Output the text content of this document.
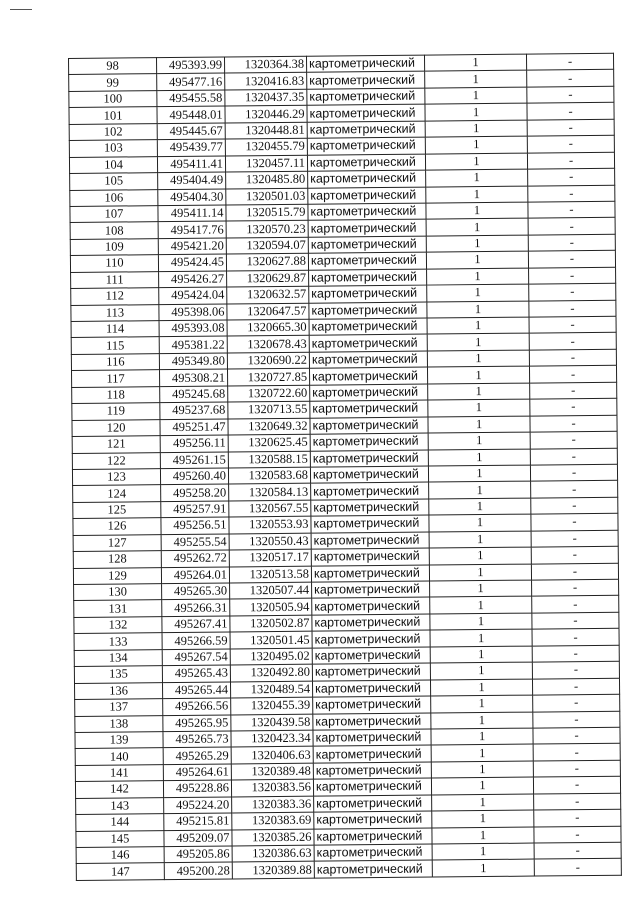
98	495393.99	1320364.38	картометрический	1	-
99	495477.16	1320416.83	картометрический	1	-
100	495455.58	1320437.35	картометрический	1	-
101	495448.01	1320446.29	картометрический	1	-
102	495445.67	1320448.81	картометрический	1	-
103	495439.77	1320455.79	картометрический	1	-
104	495411.41	1320457.11	картометрический	1	-
105	495404.49	1320485.80	картометрический	1	-
106	495404.30	1320501.03	картометрический	1	-
107	495411.14	1320515.79	картометрический	1	-
108	495417.76	1320570.23	картометрический	1	-
109	495421.20	1320594.07	картометрический	1	-
110	495424.45	1320627.88	картометрический	1	-
111	495426.27	1320629.87	картометрический	1	-
112	495424.04	1320632.57	картометрический	1	-
113	495398.06	1320647.57	картометрический	1	-
114	495393.08	1320665.30	картометрический	1	-
115	495381.22	1320678.43	картометрический	1	-
116	495349.80	1320690.22	картометрический	1	-
117	495308.21	1320727.85	картометрический	1	-
118	495245.68	1320722.60	картометрический	1	-
119	495237.68	1320713.55	картометрический	1	-
120	495251.47	1320649.32	картометрический	1	-
121	495256.11	1320625.45	картометрический	1	-
122	495261.15	1320588.15	картометрический	1	-
123	495260.40	1320583.68	картометрический	1	-
124	495258.20	1320584.13	картометрический	1	-
125	495257.91	1320567.55	картометрический	1	-
126	495256.51	1320553.93	картометрический	1	-
127	495255.54	1320550.43	картометрический	1	-
128	495262.72	1320517.17	картометрический	1	-
129	495264.01	1320513.58	картометрический	1	-
130	495265.30	1320507.44	картометрический	1	-
131	495266.31	1320505.94	картометрический	1	-
132	495267.41	1320502.87	картометрический	1	-
133	495266.59	1320501.45	картометрический	1	-
134	495267.54	1320495.02	картометрический	1	-
135	495265.43	1320492.80	картометрический	1	-
136	495265.44	1320489.54	картометрический	1	-
137	495266.56	1320455.39	картометрический	1	-
138	495265.95	1320439.58	картометрический	1	-
139	495265.73	1320423.34	картометрический	1	-
140	495265.29	1320406.63	картометрический	1	-
141	495264.61	1320389.48	картометрический	1	-
142	495228.86	1320383.56	картометрический	1	-
143	495224.20	1320383.36	картометрический	1	-
144	495215.81	1320383.69	картометрический	1	-
145	495209.07	1320385.26	картометрический	1	-
146	495205.86	1320386.63	картометрический	1	-
147	495200.28	1320389.88	картометрический	1	-
